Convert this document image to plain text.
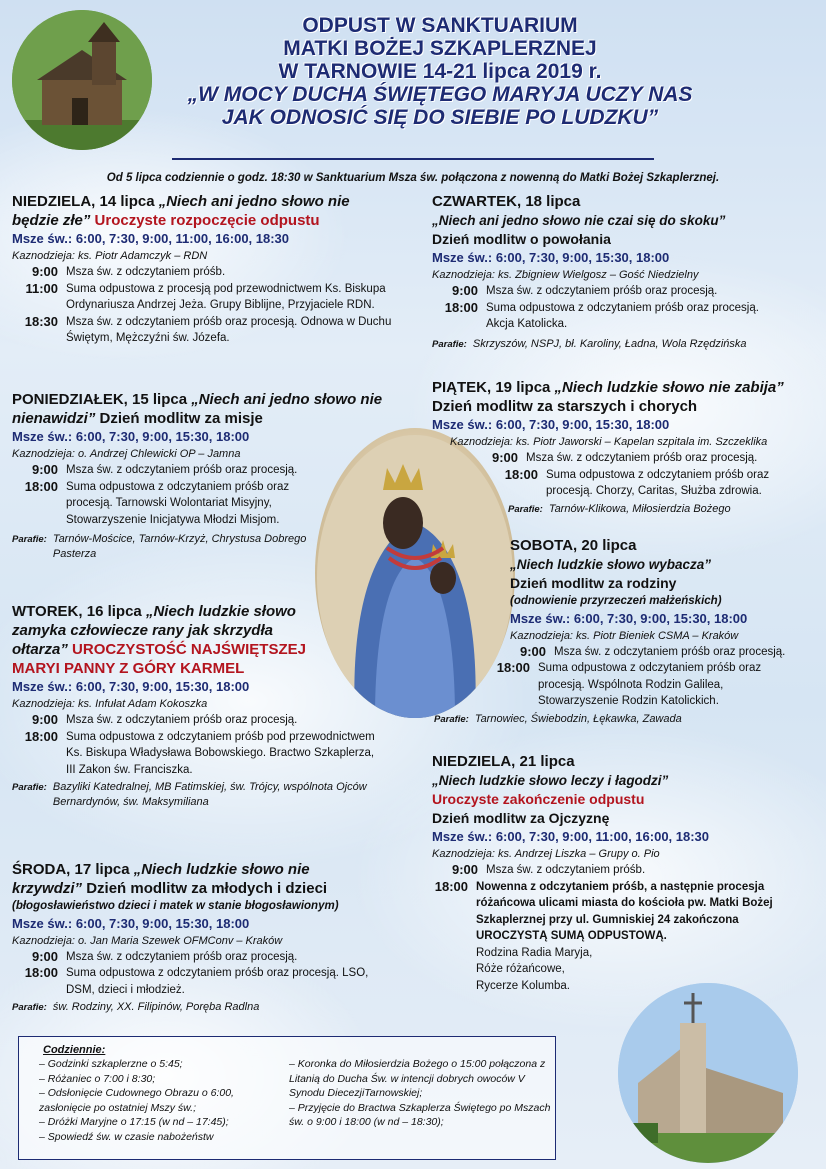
ODPUST W SANKTUARIUM
MATKI BOŻEJ SZKAPLERZNEJ
W TARNOWIE 14-21 lipca 2019 r.
„W MOCY DUCHA ŚWIĘTEGO MARYJA UCZY NAS
JAK ODNOSIĆ SIĘ DO SIEBIE PO LUDZKU”
Od 5 lipca codziennie o godz. 18:30 w Sanktuarium Msza św. połączona z nowenną do Matki Bożej Szkaplerznej.
NIEDZIELA, 14 lipca „Niech ani jedno słowo nie będzie złe” Uroczyste rozpoczęcie odpustu
Msze św.: 6:00, 7:30, 9:00, 11:00, 16:00, 18:30
Kaznodzieja: ks. Piotr Adamczyk – RDN
9:00 Msza św. z odczytaniem próśb.
11:00 Suma odpustowa z procesją pod przewodnictwem Ks. Biskupa Ordynariusza Andrzej Jeża. Grupy Biblijne, Przyjaciele RDN.
18:30 Msza św. z odczytaniem próśb oraz procesją. Odnowa w Duchu Świętym, Mężczyźni św. Józefa.
PONIEDZIAŁEK, 15 lipca „Niech ani jedno słowo nie nienawidzi” Dzień modlitw za misje
Msze św.: 6:00, 7:30, 9:00, 15:30, 18:00
Kaznodzieja: o. Andrzej Chlewicki OP – Jamna
9:00 Msza św. z odczytaniem próśb oraz procesją.
18:00 Suma odpustowa z odczytaniem próśb oraz procesją. Tarnowski Wolontariat Misyjny, Stowarzyszenie Inicjatywa Młodzi Misjom.
Parafie: Tarnów-Mościce, Tarnów-Krzyż, Chrystusa Dobrego Pasterza
WTOREK, 16 lipca „Niech ludzkie słowo zamyka człowiecze rany jak skrzydła ołtarza” UROCZYSTOŚĆ NAJŚWIĘTSZEJ MARYI PANNY Z GÓRY KARMEL
Msze św.: 6:00, 7:30, 9:00, 15:30, 18:00
Kaznodzieja: ks. Infułat Adam Kokoszka
9:00 Msza św. z odczytaniem próśb oraz procesją.
18:00 Suma odpustowa z odczytaniem próśb pod przewodnictwem Ks. Biskupa Władysława Bobowskiego. Bractwo Szkaplerza, III Zakon św. Franciszka.
Parafie: Bazyliki Katedralnej, MB Fatimskiej, św. Trójcy, wspólnota Ojców Bernardynów, św. Maksymiliana
ŚRODA, 17 lipca „Niech ludzkie słowo nie krzywdzi” Dzień modlitw za młodych i dzieci
(błogosławieństwo dzieci i matek w stanie błogosławionym)
Msze św.: 6:00, 7:30, 9:00, 15:30, 18:00
Kaznodzieja: o. Jan Maria Szewek OFMConv – Kraków
9:00 Msza św. z odczytaniem próśb oraz procesją.
18:00 Suma odpustowa z odczytaniem próśb oraz procesją. LSO, DSM, dzieci i młodzież.
Parafie: św. Rodziny, XX. Filipinów, Poręba Radlna
CZWARTEK, 18 lipca
„Niech ani jedno słowo nie czai się do skoku”
Dzień modlitw o powołania
Msze św.: 6:00, 7:30, 9:00, 15:30, 18:00
Kaznodzieja: ks. Zbigniew Wielgosz – Gość Niedzielny
9:00 Msza św. z odczytaniem próśb oraz procesją.
18:00 Suma odpustowa z odczytaniem próśb oraz procesją. Akcja Katolicka.
Parafie: Skrzyszów, NSPJ, bł. Karoliny, Ładna, Wola Rzędzińska
PIĄTEK, 19 lipca „Niech ludzkie słowo nie zabija” Dzień modlitw za starszych i chorych
Msze św.: 6:00, 7:30, 9:00, 15:30, 18:00
Kaznodzieja: ks. Piotr Jaworski – Kapelan szpitala im. Szczeklika
9:00 Msza św. z odczytaniem próśb oraz procesją.
18:00 Suma odpustowa z odczytaniem próśb oraz procesją. Chorzy, Caritas, Służba zdrowia.
Parafie: Tarnów-Klikowa, Miłosierdzia Bożego
SOBOTA, 20 lipca
„Niech ludzkie słowo wybacza”
Dzień modlitw za rodziny
(odnowienie przyrzeczeń małżeńskich)
Msze św.: 6:00, 7:30, 9:00, 15:30, 18:00
Kaznodzieja: ks. Piotr Bieniek CSMA – Kraków
9:00 Msza św. z odczytaniem próśb oraz procesją.
18:00 Suma odpustowa z odczytaniem próśb oraz procesją. Wspólnota Rodzin Galilea, Stowarzyszenie Rodzin Katolickich.
Parafie: Tarnowiec, Świebodzin, Łękawka, Zawada
NIEDZIELA, 21 lipca
„Niech ludzkie słowo leczy i łagodzi”
Uroczyste zakończenie odpustu
Dzień modlitw za Ojczyznę
Msze św.: 6:00, 7:30, 9:00, 11:00, 16:00, 18:30
Kaznodzieja: ks. Andrzej Liszka – Grupy o. Pio
9:00 Msza św. z odczytaniem próśb.
18:00 Nowenna z odczytaniem próśb, a następnie procesja różańcowa ulicami miasta do kościoła pw. Matki Bożej Szkaplerznej przy ul. Gumniskiej 24 zakończona UROCZYSTĄ SUMĄ ODPUSTOWĄ.
Rodzina Radia Maryja,
Róże różańcowe,
Rycerze Kolumba.
Codziennie:
– Godzinki szkaplerzne o 5:45;
– Różaniec o 7:00 i 8:30;
– Odsłonięcie Cudownego Obrazu o 6:00, zasłonięcie po ostatniej Mszy św.;
– Dróżki Maryjne o 17:15 (w nd – 17:45);
– Spowiedź św. w czasie nabożeństw
– Koronka do Miłosierdzia Bożego o 15:00 połączona z Litanią do Ducha Św. w intencji dobrych owoców V Synodu DiecezjiTarnowskiej;
– Przyjęcie do Bractwa Szkaplerza Świętego po Mszach św. o 9:00 i 18:00 (w nd – 18:30);
